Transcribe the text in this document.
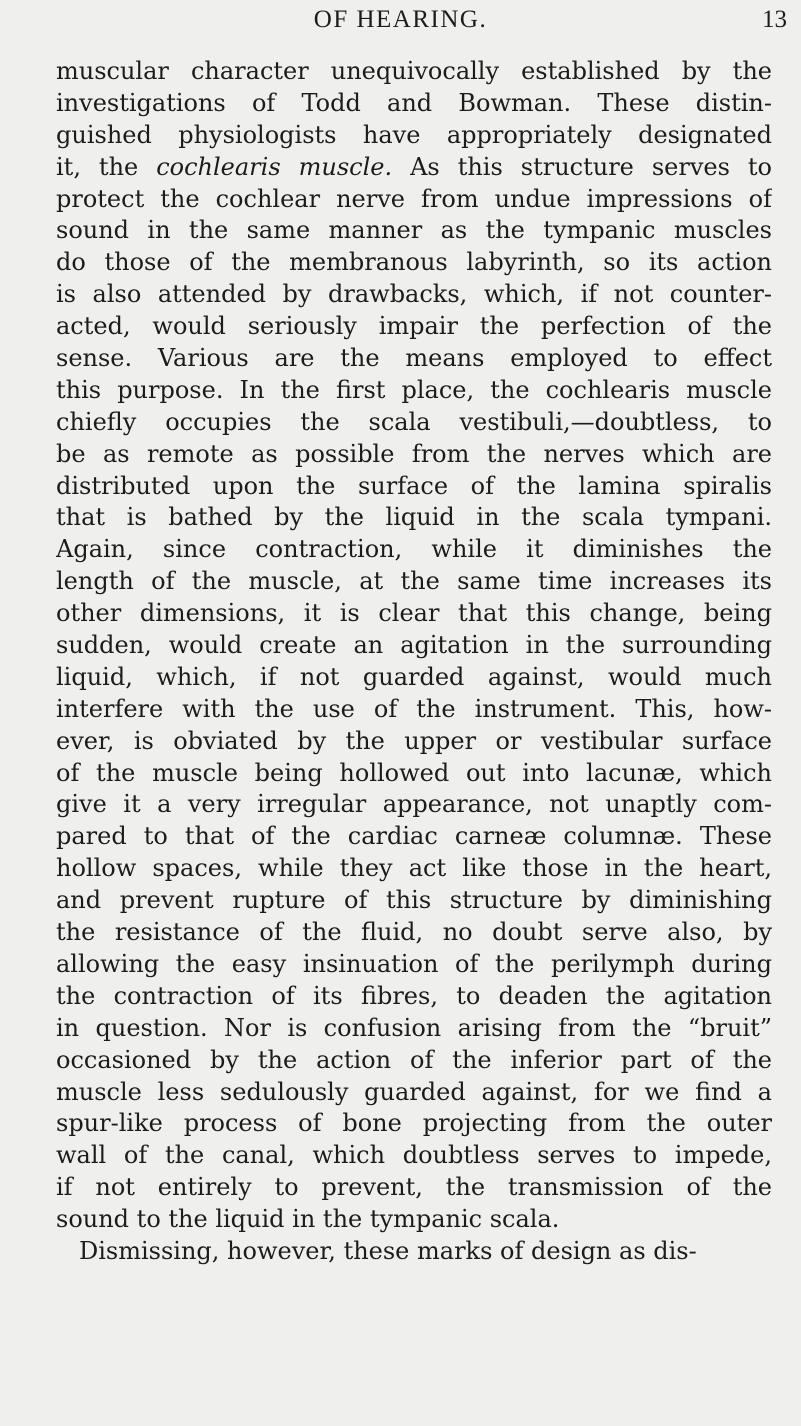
OF HEARING.	13
muscular character unequivocally established by the
investigations of Todd and Bowman. These distin-
guished physiologists have appropriately designated
it, the cochlearis muscle. As this structure serves to
protect the cochlear nerve from undue impressions of
sound in the same manner as the tympanic muscles
do those of the membranous labyrinth, so its action
is also attended by drawbacks, which, if not counter-
acted, would seriously impair the perfection of the
sense. Various are the means employed to effect
this purpose. In the first place, the cochlearis muscle
chiefly occupies the scala vestibuli,—doubtless, to
be as remote as possible from the nerves which are
distributed upon the surface of the lamina spiralis
that is bathed by the liquid in the scala tympani.
Again, since contraction, while it diminishes the
length of the muscle, at the same time increases its
other dimensions, it is clear that this change, being
sudden, would create an agitation in the surrounding
liquid, which, if not guarded against, would much
interfere with the use of the instrument. This, how-
ever, is obviated by the upper or vestibular surface
of the muscle being hollowed out into lacunæ, which
give it a very irregular appearance, not unaptly com-
pared to that of the cardiac carneæ columnæ. These
hollow spaces, while they act like those in the heart,
and prevent rupture of this structure by diminishing
the resistance of the fluid, no doubt serve also, by
allowing the easy insinuation of the perilymph during
the contraction of its fibres, to deaden the agitation
in question. Nor is confusion arising from the “bruit”
occasioned by the action of the inferior part of the
muscle less sedulously guarded against, for we find a
spur-like process of bone projecting from the outer
wall of the canal, which doubtless serves to impede,
if not entirely to prevent, the transmission of the
sound to the liquid in the tympanic scala.
Dismissing, however, these marks of design as dis-
